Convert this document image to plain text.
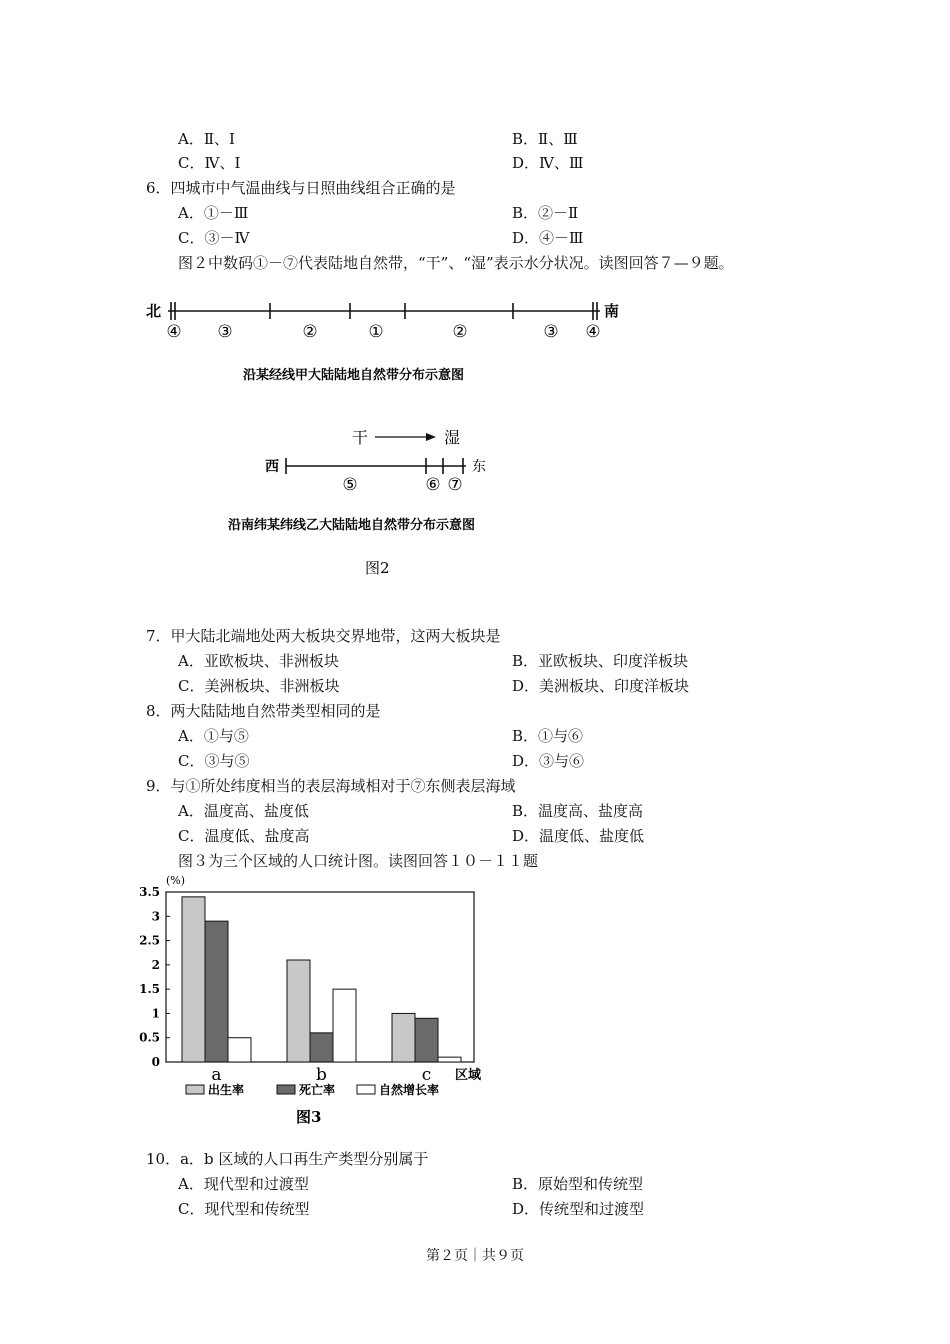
A．Ⅱ、Ⅰ	B．Ⅱ、Ⅲ
C．Ⅳ、Ⅰ	D．Ⅳ、Ⅲ
6．四城市中气温曲线与日照曲线组合正确的是
A．①－Ⅲ	B．②－Ⅱ
C．③－Ⅳ	D．④－Ⅲ
图２中数码①－⑦代表陆地自然带，“干”、“湿”表示水分状况。读图回答７—９题。
北	南
④ ③	②	①	②	③ ④
沿某经线甲大陆陆地自然带分布示意图
干	湿
西	东
⑤	⑥ ⑦
沿南纬某纬线乙大陆陆地自然带分布示意图
图2
7．甲大陆北端地处两大板块交界地带，这两大板块是
A．亚欧板块、非洲板块	B．亚欧板块、印度洋板块
C．美洲板块、非洲板块	D．美洲板块、印度洋板块
8．两大陆陆地自然带类型相同的是
A．①与⑤	B．①与⑥
C．③与⑤	D．③与⑥
9．与①所处纬度相当的表层海域相对于⑦东侧表层海域
A．温度高、盐度低	B．温度高、盐度高
C．温度低、盐度高	D．温度低、盐度低
图３为三个区域的人口统计图。读图回答１０－１１题
(%)
0
0.5
1
1.5
2
2.5
3
3.5
a	b	c 区域
出生率	死亡率	自然增长率
图3
10．a．b 区域的人口再生产类型分别属于
A．现代型和过渡型	B．原始型和传统型
C．现代型和传统型	D．传统型和过渡型
第２页｜共９页
